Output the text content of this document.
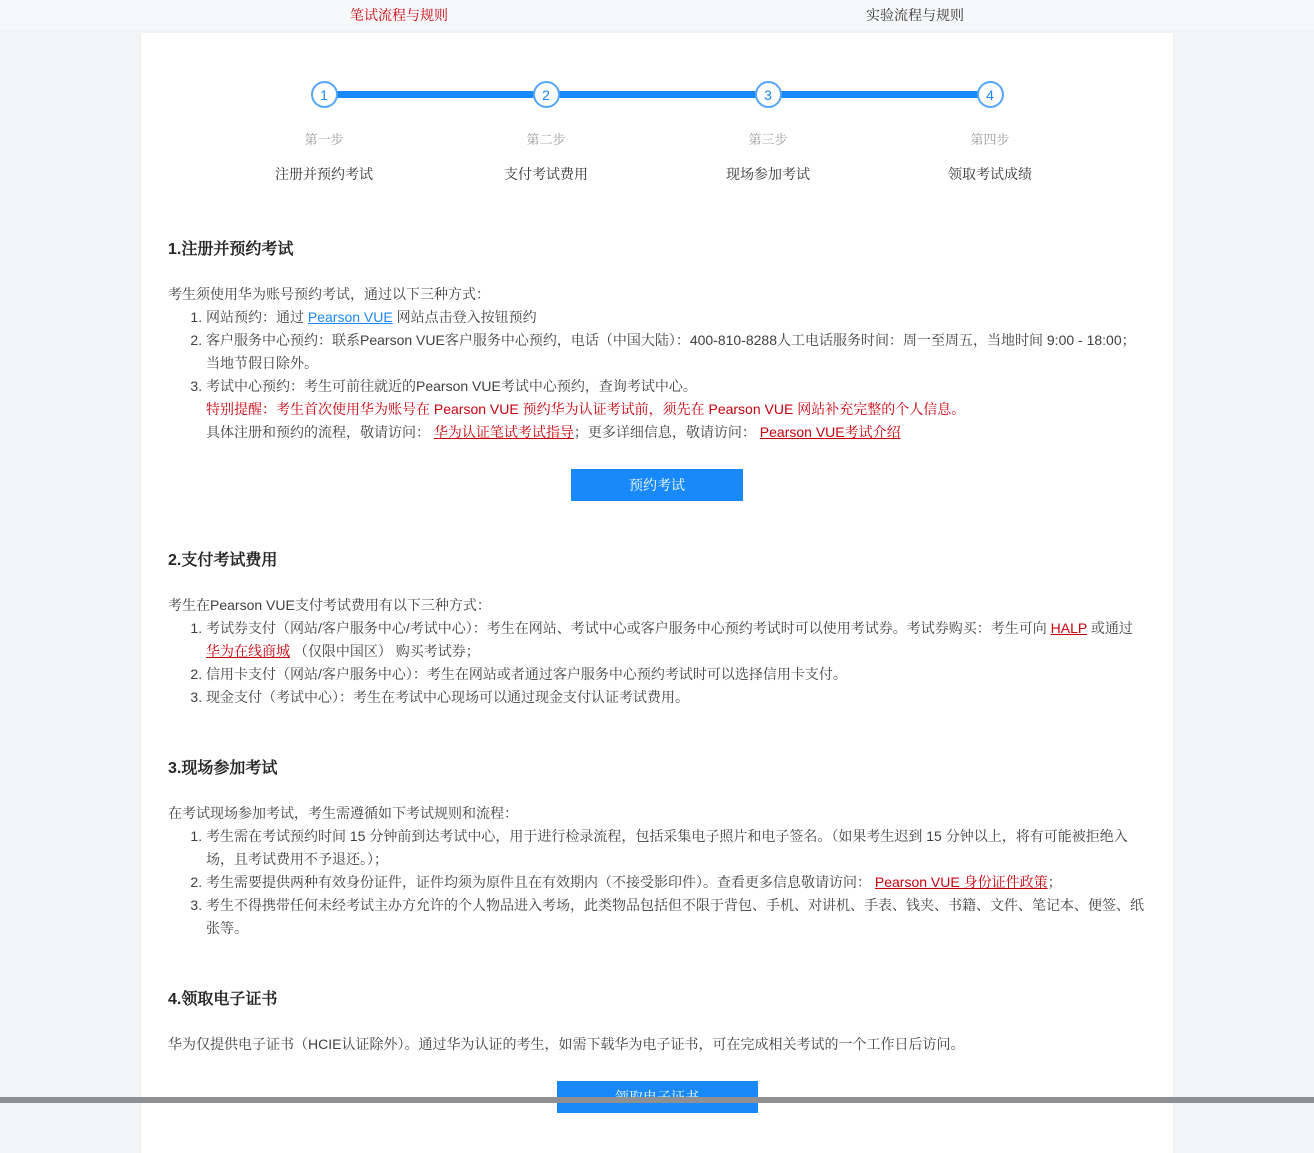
笔试流程与规则	实验流程与规则
1
第一步
注册并预约考试
2
第二步
支付考试费用
3
第三步
现场参加考试
4
第四步
领取考试成绩
1.注册并预约考试

考生须使用华为账号预约考试，通过以下三种方式：

1. 网站预约：通过 Pearson VUE 网站点击登入按钮预约
2. 客户服务中心预约：联系Pearson VUE客户服务中心预约，电话（中国大陆）：400-810-8288人工电话服务时间：周一至周五，当地时间 9:00 - 18:00；当地节假日除外。
3. 考试中心预约：考生可前往就近的Pearson VUE考试中心预约，查询考试中心。

特别提醒：考生首次使用华为账号在 Pearson VUE 预约华为认证考试前，须先在 Pearson VUE 网站补充完整的个人信息。

具体注册和预约的流程，敬请访问： 华为认证笔试考试指导；更多详细信息，敬请访问： Pearson VUE考试介绍

预约考试
2.支付考试费用

考生在Pearson VUE支付考试费用有以下三种方式：

1. 考试券支付（网站/客户服务中心/考试中心）：考生在网站、考试中心或客户服务中心预约考试时可以使用考试券。考试券购买：考生可向 HALP 或通过 华为在线商城 （仅限中国区） 购买考试券；
2. 信用卡支付（网站/客户服务中心）：考生在网站或者通过客户服务中心预约考试时可以选择信用卡支付。
3. 现金支付（考试中心）：考生在考试中心现场可以通过现金支付认证考试费用。
3.现场参加考试

在考试现场参加考试，考生需遵循如下考试规则和流程：

1. 考生需在考试预约时间 15 分钟前到达考试中心，用于进行检录流程，包括采集电子照片和电子签名。（如果考生迟到 15 分钟以上，将有可能被拒绝入场，且考试费用不予退还。）；
2. 考生需要提供两种有效身份证件，证件均须为原件且在有效期内（不接受影印件）。查看更多信息敬请访问： Pearson VUE 身份证件政策；
3. 考生不得携带任何未经考试主办方允许的个人物品进入考场，此类物品包括但不限于背包、手机、对讲机、手表、钱夹、书籍、文件、笔记本、便签、纸张等。
4.领取电子证书

华为仅提供电子证书（HCIE认证除外）。通过华为认证的考生，如需下载华为电子证书，可在完成相关考试的一个工作日后访问。
